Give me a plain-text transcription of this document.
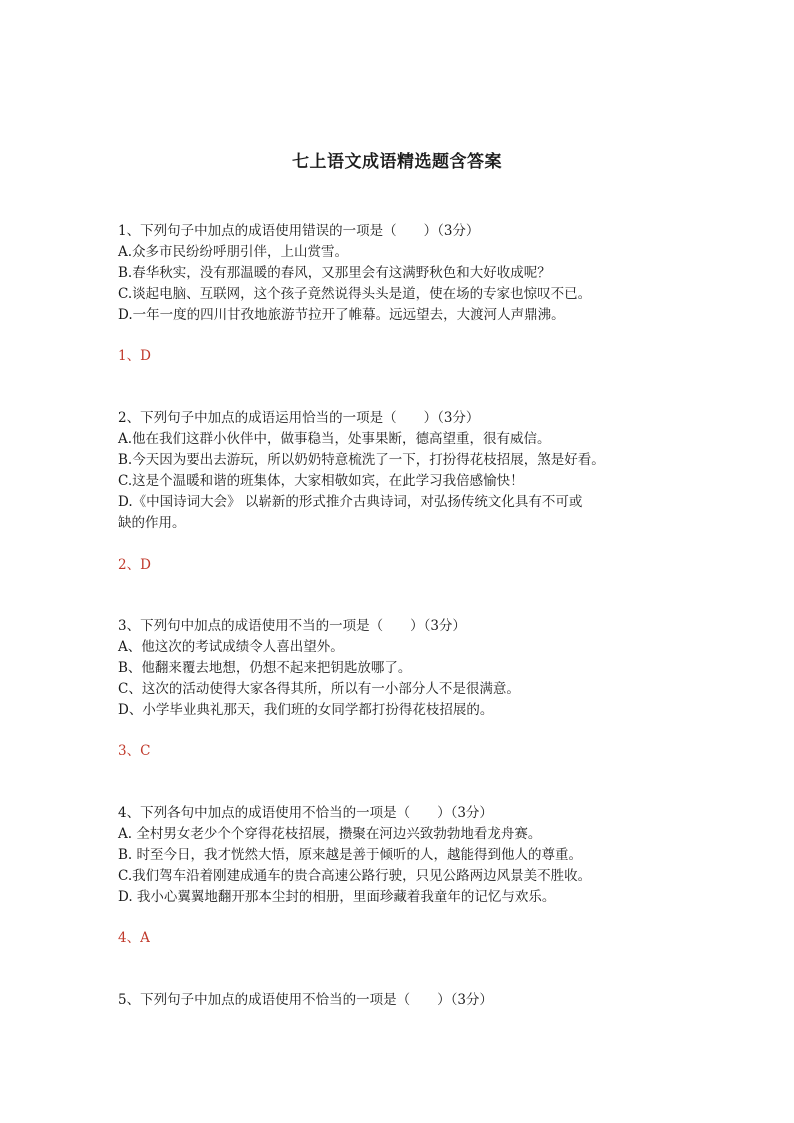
七上语文成语精选题含答案
1、下列句子中加点的成语使用错误的一项是（　　）（3分）
A.众多市民纷纷呼朋引伴，上山赏雪。
B.春华秋实，没有那温暖的春风，又那里会有这满野秋色和大好收成呢？
C.谈起电脑、互联网，这个孩子竟然说得头头是道，使在场的专家也惊叹不已。
D.一年一度的四川甘孜地旅游节拉开了帷幕。远远望去，大渡河人声鼎沸。
1、D
2、下列句子中加点的成语运用恰当的一项是（　　）（3分）
A.他在我们这群小伙伴中，做事稳当，处事果断，德高望重，很有威信。
B.今天因为要出去游玩，所以奶奶特意梳洗了一下，打扮得花枝招展，煞是好看。
C.这是个温暖和谐的班集体，大家相敬如宾，在此学习我倍感愉快！
D.《中国诗词大会》 以崭新的形式推介古典诗词，对弘扬传统文化具有不可或
缺的作用。
2、D
3、下列句中加点的成语使用不当的一项是（　　）（3分）
A、他这次的考试成绩令人喜出望外。
B、他翻来覆去地想，仍想不起来把钥匙放哪了。
C、这次的活动使得大家各得其所，所以有一小部分人不是很满意。
D、小学毕业典礼那天，我们班的女同学都打扮得花枝招展的。
3、C
4、下列各句中加点的成语使用不恰当的一项是（　　）（3分）
A. 全村男女老少个个穿得花枝招展，攒聚在河边兴致勃勃地看龙舟赛。
B. 时至今日，我才恍然大悟，原来越是善于倾听的人，越能得到他人的尊重。
C.我们驾车沿着刚建成通车的贵合高速公路行驶，只见公路两边风景美不胜收。
D. 我小心翼翼地翻开那本尘封的相册，里面珍藏着我童年的记忆与欢乐。
4、A
5、下列句子中加点的成语使用不恰当的一项是（　　）（3分）
